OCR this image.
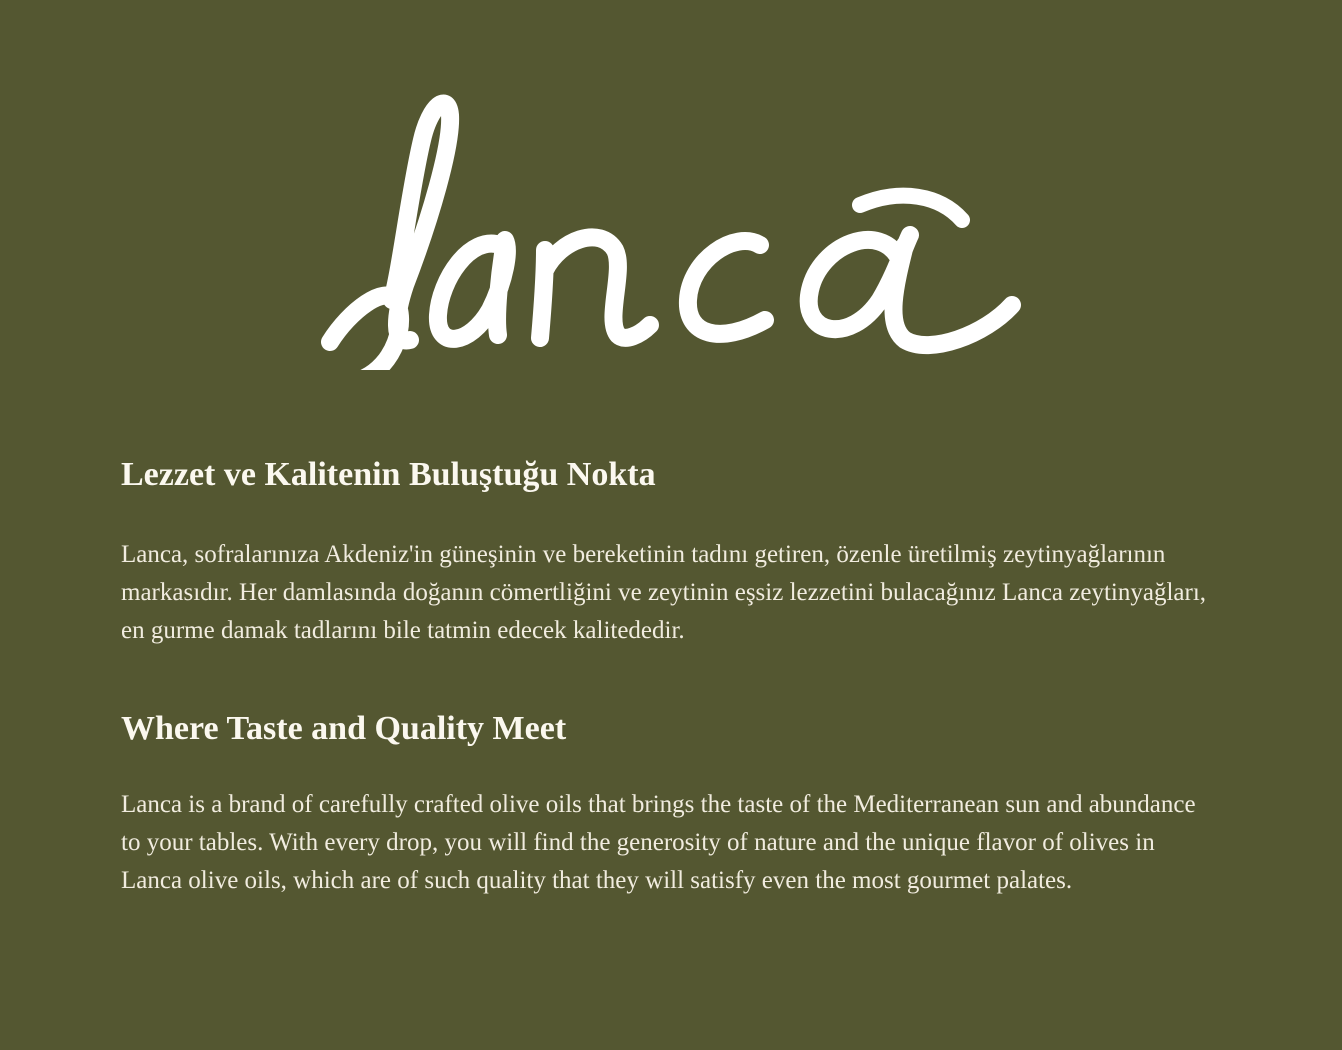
Lezzet ve Kalitenin Buluştuğu Nokta

Lanca, sofralarınıza Akdeniz'in güneşinin ve bereketinin tadını getiren, özenle üretilmiş zeytinyağlarının markasıdır. Her damlasında doğanın cömertliğini ve zeytinin eşsiz lezzetini bulacağınız Lanca zeytinyağları, en gurme damak tadlarını bile tatmin edecek kalitededir.

Where Taste and Quality Meet

Lanca is a brand of carefully crafted olive oils that brings the taste of the Mediterranean sun and abundance to your tables. With every drop, you will find the generosity of nature and the unique flavor of olives in Lanca olive oils, which are of such quality that they will satisfy even the most gourmet palates.
